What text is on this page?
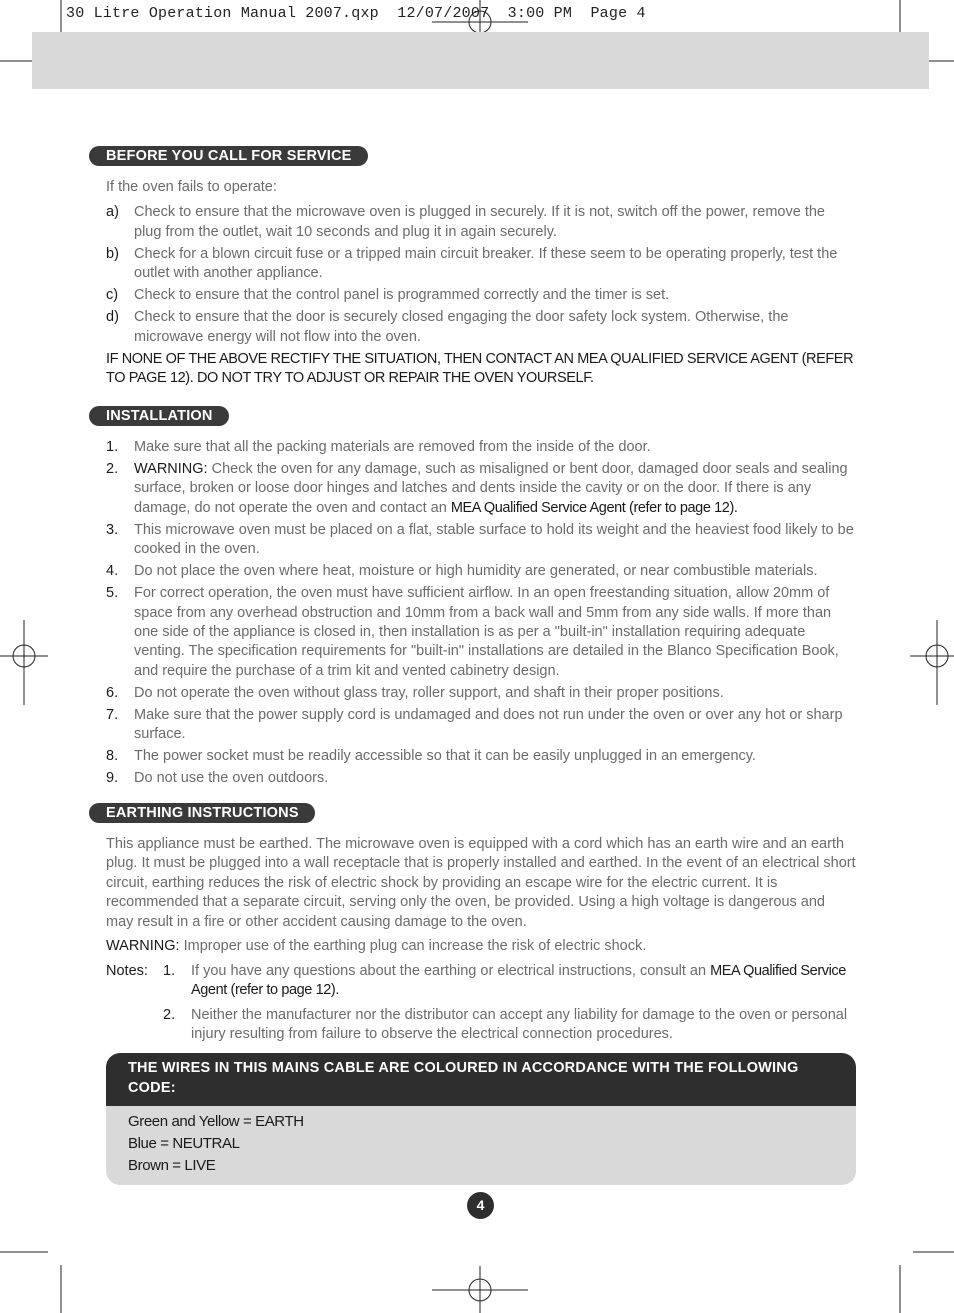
30 Litre Operation Manual 2007.qxp  12/07/2007  3:00 PM  Page 4
BEFORE YOU CALL FOR SERVICE

If the oven fails to operate:

a) Check to ensure that the microwave oven is plugged in securely. If it is not, switch off the power, remove the plug from the outlet, wait 10 seconds and plug it in again securely.
b) Check for a blown circuit fuse or a tripped main circuit breaker. If these seem to be operating properly, test the outlet with another appliance.
c) Check to ensure that the control panel is programmed correctly and the timer is set.
d) Check to ensure that the door is securely closed engaging the door safety lock system. Otherwise, the microwave energy will not flow into the oven.

IF NONE OF THE ABOVE RECTIFY THE SITUATION, THEN CONTACT AN MEA QUALIFIED SERVICE AGENT (REFER TO PAGE 12). DO NOT TRY TO ADJUST OR REPAIR THE OVEN YOURSELF.

INSTALLATION
1. Make sure that all the packing materials are removed from the inside of the door.
2. WARNING: Check the oven for any damage, such as misaligned or bent door, damaged door seals and sealing surface, broken or loose door hinges and latches and dents inside the cavity or on the door. If there is any damage, do not operate the oven and contact an MEA Qualified Service Agent (refer to page 12).
3. This microwave oven must be placed on a flat, stable surface to hold its weight and the heaviest food likely to be cooked in the oven.
4. Do not place the oven where heat, moisture or high humidity are generated, or near combustible materials.
5. For correct operation, the oven must have sufficient airflow. In an open freestanding situation, allow 20mm of space from any overhead obstruction and 10mm from a back wall and 5mm from any side walls. If more than one side of the appliance is closed in, then installation is as per a "built-in" installation requiring adequate venting. The specification requirements for "built-in" installations are detailed in the Blanco Specification Book, and require the purchase of a trim kit and vented cabinetry design.
6. Do not operate the oven without glass tray, roller support, and shaft in their proper positions.
7. Make sure that the power supply cord is undamaged and does not run under the oven or over any hot or sharp surface.
8. The power socket must be readily accessible so that it can be easily unplugged in an emergency.
9. Do not use the oven outdoors.
EARTHING INSTRUCTIONS

This appliance must be earthed. The microwave oven is equipped with a cord which has an earth wire and an earth plug. It must be plugged into a wall receptacle that is properly installed and earthed. In the event of an electrical short circuit, earthing reduces the risk of electric shock by providing an escape wire for the electric current. It is recommended that a separate circuit, serving only the oven, be provided. Using a high voltage is dangerous and may result in a fire or other accident causing damage to the oven.

WARNING: Improper use of the earthing plug can increase the risk of electric shock.

Notes: 1. If you have any questions about the earthing or electrical instructions, consult an MEA Qualified Service Agent (refer to page 12).
2. Neither the manufacturer nor the distributor can accept any liability for damage to the oven or personal injury resulting from failure to observe the electrical connection procedures.
THE WIRES IN THIS MAINS CABLE ARE COLOURED IN ACCORDANCE WITH THE FOLLOWING CODE:
Green and Yellow = EARTH
Blue = NEUTRAL
Brown = LIVE
4
